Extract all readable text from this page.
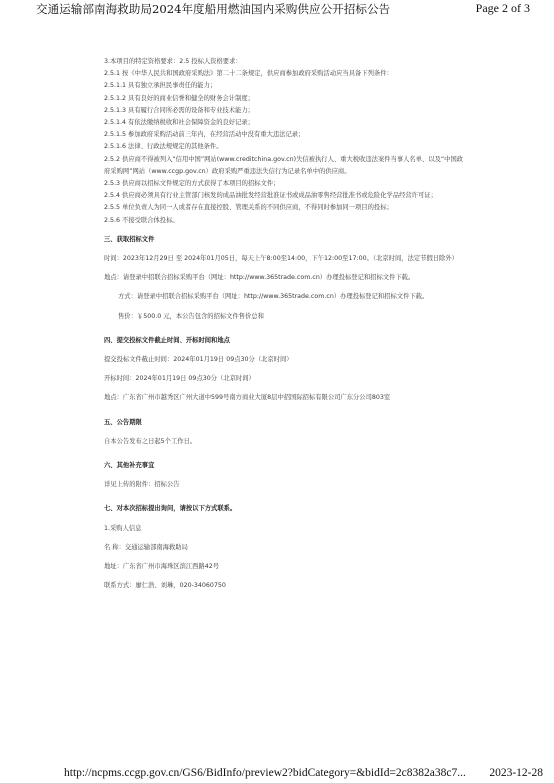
交通运输部南海救助局2024年度船用燃油国内采购供应公开招标公告	Page 2 of 3
3.本项目的特定资格要求：2.5 投标人资格要求：
2.5.1 按《中华人民共和国政府采购法》第二十二条规定，供应商参加政府采购活动应当具备下列条件：
2.5.1.1 具有独立承担民事责任的能力；
2.5.1.2 具有良好的商业信誉和健全的财务会计制度；
2.5.1.3 具有履行合同所必需的设备和专业技术能力；
2.5.1.4 有依法缴纳税收和社会保障资金的良好记录；
2.5.1.5 参加政府采购活动前三年内，在经营活动中没有重大违法记录；
2.5.1.6 法律、行政法规规定的其他条件。
2.5.2 供应商不得被列入“信用中国”网站(www.creditchina.gov.cn)失信被执行人、重大税收违法案件当事人名单、以及“中国政府采购网”网站（www.ccgp.gov.cn）政府采购严重违法失信行为记录名单中的供应商。
2.5.3 供应商以招标文件规定的方式获得了本项目的招标文件；
2.5.4 供应商必须具有行业主管部门核发的成品油批发经营批准证书或成品油零售经营批准书或危险化学品经营许可证；
2.5.5 单位负责人为同一人或者存在直接控股、管理关系的不同供应商，不得同时参加同一项目的投标；
2.5.6 不接受联合体投标。
三、获取招标文件
时间：2023年12月29日 至 2024年01月05日，每天上午8:00至14:00，下午12:00至17:00。（北京时间，法定节假日除外）
地点：请登录中招联合招标采购平台（网址：http://www.365trade.com.cn）办理投标登记和招标文件下载。
方式：请登录中招联合招标采购平台（网址：http://www.365trade.com.cn）办理投标登记和招标文件下载。
售价：￥500.0 元，本公告包含的招标文件售价总和
四、提交投标文件截止时间、开标时间和地点
提交投标文件截止时间：2024年01月19日 09点30分（北京时间）
开标时间：2024年01月19日 09点30分（北京时间）
地点：广东省广州市越秀区广州大道中599号南方商业大厦8层中招国际招标有限公司广东分公司803室
五、公告期限
自本公告发布之日起5个工作日。
六、其他补充事宜
详见上传的附件：招标公告
七、对本次招标提出询问，请按以下方式联系。
1.采购人信息
名 称：交通运输部南海救助局
地址：广东省广州市海珠区滨江西路42号
联系方式：廖仁浩、刘琳，020-34060750
http://ncpms.ccgp.gov.cn/GS6/BidInfo/preview2?bidCategory=&bidId=2c8382a38c7... 2023-12-28
